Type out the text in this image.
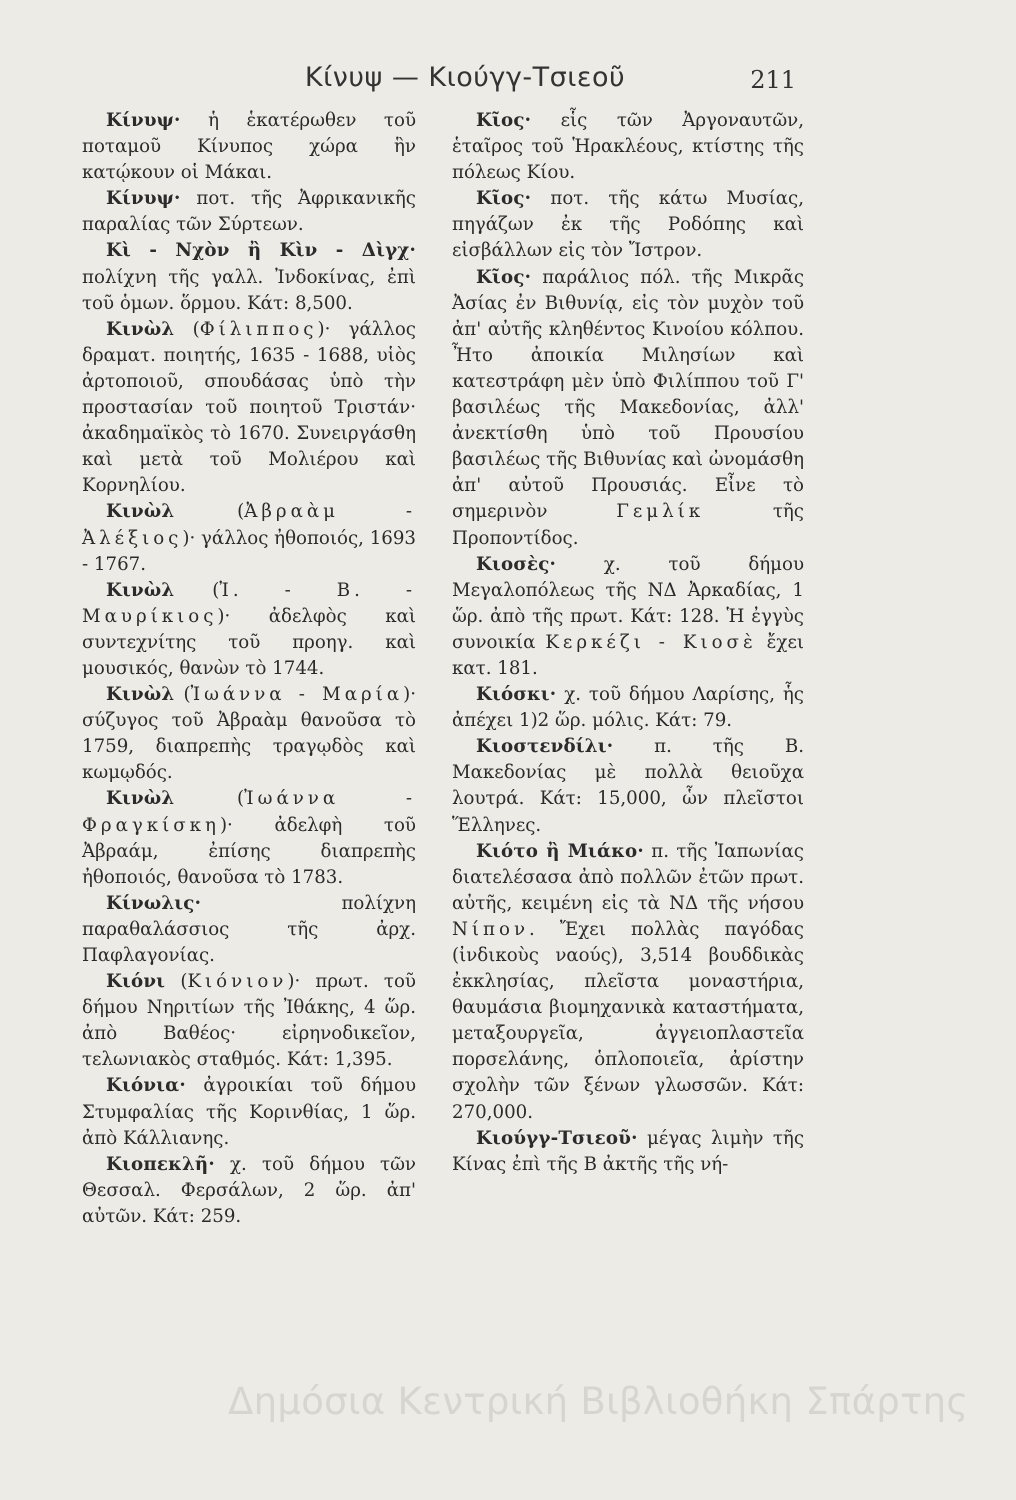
Κίνυψ — Κιούγγ-Τσιεοῦ	211

Κίνυψ· ἡ ἑκατέρωθεν τοῦ ποταμοῦ Κίνυπος χώρα ἣν κατῴκουν οἱ Μάκαι.

Κίνυψ· ποτ. τῆς Ἀφρικανικῆς παραλίας τῶν Σύρτεων.

Κὶ - Νχὸν ἢ Κὶν - Δὶγχ· πολίχνη τῆς γαλλ. Ἰνδοκίνας, ἐπὶ τοῦ ὁμων. ὅρμου. Κάτ: 8,500.

Κινὼλ (Φίλιππος)· γάλλος δραματ. ποιητής, 1635 - 1688, υἱὸς ἀρτοποιοῦ, σπουδάσας ὑπὸ τὴν προστασίαν τοῦ ποιητοῦ Τριστάν· ἀκαδημαϊκὸς τὸ 1670. Συνειργάσθη καὶ μετὰ τοῦ Μολιέρου καὶ Κορνηλίου.

Κινὼλ (Ἀβραὰμ - Ἀλέξιος)· γάλλος ἠθοποιός, 1693 - 1767.

Κινὼλ (Ἰ. - Β. - Μαυρίκιος)· ἀδελφὸς καὶ συντεχνίτης τοῦ προηγ. καὶ μουσικός, θανὼν τὸ 1744.

Κινὼλ (Ἰωάννα - Μαρία)· σύζυγος τοῦ Ἀβραὰμ θανοῦσα τὸ 1759, διαπρεπὴς τραγῳδὸς καὶ κωμῳδός.

Κινὼλ (Ἰωάννα - Φραγκίσκη)· ἀδελφὴ τοῦ Ἀβραάμ, ἐπίσης διαπρεπὴς ἠθοποιός, θανοῦσα τὸ 1783.

Κίνωλις· πολίχνη παραθαλάσσιος τῆς ἀρχ. Παφλαγονίας.

Κιόνι (Κιόνιον)· πρωτ. τοῦ δήμου Νηριτίων τῆς Ἰθάκης, 4 ὥρ. ἀπὸ Βαθέος· εἰρηνοδικεῖον, τελωνιακὸς σταθμός. Κάτ: 1,395.

Κιόνια· ἀγροικίαι τοῦ δήμου Στυμφαλίας τῆς Κορινθίας, 1 ὥρ. ἀπὸ Κάλλιανης.

Κιοπεκλῆ· χ. τοῦ δήμου τῶν Θεσσαλ. Φερσάλων, 2 ὥρ. ἀπ' αὐτῶν. Κάτ: 259.

Κῖος· εἷς τῶν Ἀργοναυτῶν, ἑταῖρος τοῦ Ἡρακλέους, κτίστης τῆς πόλεως Κίου.

Κῖος· ποτ. τῆς κάτω Μυσίας, πηγάζων ἐκ τῆς Ροδόπης καὶ εἰσβάλλων εἰς τὸν Ἴστρον.

Κῖος· παράλιος πόλ. τῆς Μικρᾶς Ἀσίας ἐν Βιθυνίᾳ, εἰς τὸν μυχὸν τοῦ ἀπ' αὐτῆς κληθέντος Κινοίου κόλπου. Ἦτο ἀποικία Μιλησίων καὶ κατεστράφη μὲν ὑπὸ Φιλίππου τοῦ Γ' βασιλέως τῆς Μακεδονίας, ἀλλ' ἀνεκτίσθη ὑπὸ τοῦ Προυσίου βασιλέως τῆς Βιθυνίας καὶ ὠνομάσθη ἀπ' αὐτοῦ Προυσιάς. Εἶνε τὸ σημερινὸν Γεμλίκ τῆς Προποντίδος.

Κιοσὲς· χ. τοῦ δήμου Μεγαλοπόλεως τῆς ΝΔ Ἀρκαδίας, 1 ὥρ. ἀπὸ τῆς πρωτ. Κάτ: 128. Ἡ ἐγγὺς συνοικία Κερκέζι - Κιοσὲ ἔχει κατ. 181.

Κιόσκι· χ. τοῦ δήμου Λαρίσης, ἧς ἀπέχει 1)2 ὥρ. μόλις. Κάτ: 79.

Κιοστενδίλι· π. τῆς Β. Μακεδονίας μὲ πολλὰ θειοῦχα λουτρά. Κάτ: 15,000, ὧν πλεῖστοι Ἕλληνες.

Κιότο ἢ Μιάκο· π. τῆς Ἰαπωνίας διατελέσασα ἀπὸ πολλῶν ἐτῶν πρωτ. αὐτῆς, κειμένη εἰς τὰ ΝΔ τῆς νήσου Νίπον. Ἔχει πολλὰς παγόδας (ἰνδικοὺς ναούς), 3,514 βουδδικὰς ἐκκλησίας, πλεῖστα μοναστήρια, θαυμάσια βιομηχανικὰ καταστήματα, μεταξουργεῖα, ἀγγειοπλαστεῖα πορσελάνης, ὁπλοποιεῖα, ἀρίστην σχολὴν τῶν ξένων γλωσσῶν. Κάτ: 270,000.

Κιούγγ-Τσιεοῦ· μέγας λιμὴν τῆς Κίνας ἐπὶ τῆς Β ἀκτῆς τῆς νή-

Δημόσια Κεντρική Βιβλιοθήκη Σπάρτης
